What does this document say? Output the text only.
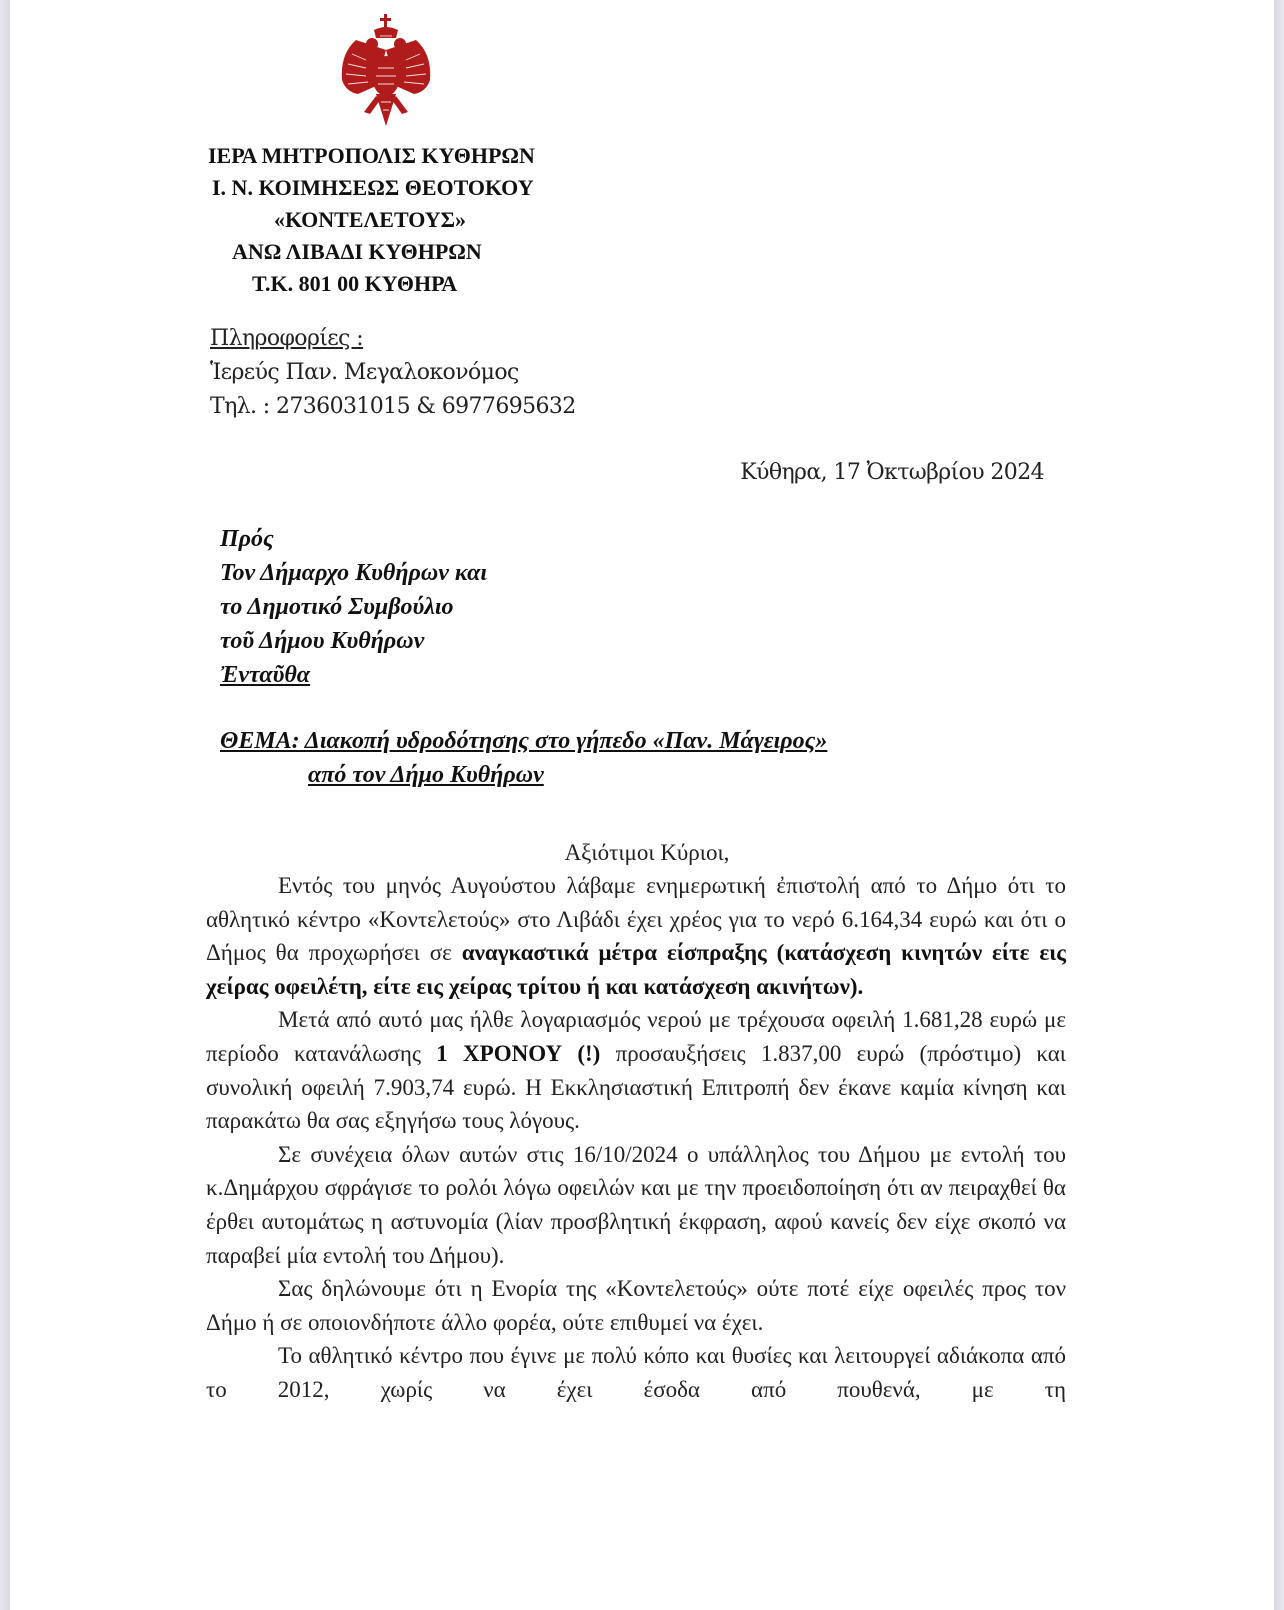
ΙΕΡΑ ΜΗΤΡΟΠΟΛΙΣ ΚΥΘΗΡΩΝ
Ι. Ν. ΚΟΙΜΗΣΕΩΣ ΘΕΟΤΟΚΟΥ
«ΚΟΝΤΕΛΕΤΟΥΣ»
ΑΝΩ ΛΙΒΑΔΙ ΚΥΘΗΡΩΝ
Τ.Κ. 801 00 ΚΥΘΗΡΑ
Πληροφορίες :
Ἱερεύς Παν. Μεγαλοκονόμος
Τηλ. : 2736031015 & 6977695632
Κύθηρα, 17 Ὀκτωβρίου 2024
Πρός
Τον Δήμαρχο Κυθήρων και
το Δημοτικό Συμβούλιο
τοῦ Δήμου Κυθήρων
Ἐνταῦθα
ΘΕΜΑ: Διακοπή υδροδότησης στο γήπεδο «Παν. Μάγειρος»
από τον Δήμο Κυθήρων
Αξιότιμοι Κύριοι,

Εντός του μηνός Αυγούστου λάβαμε ενημερωτική ἐπιστολή από το Δήμο ότι το αθλητικό κέντρο «Κοντελετούς» στο Λιβάδι έχει χρέος για το νερό 6.164,34 ευρώ και ότι ο Δήμος θα προχωρήσει σε αναγκαστικά μέτρα είσπραξης (κατάσχεση κινητών είτε εις χείρας οφειλέτη, είτε εις χείρας τρίτου ή και κατάσχεση ακινήτων).

Μετά από αυτό μας ήλθε λογαριασμός νερού με τρέχουσα οφειλή 1.681,28 ευρώ με περίοδο κατανάλωσης 1 ΧΡΟΝΟΥ (!) προσαυξήσεις 1.837,00 ευρώ (πρόστιμο) και συνολική οφειλή 7.903,74 ευρώ. Η Εκκλησιαστική Επιτροπή δεν έκανε καμία κίνηση και παρακάτω θα σας εξηγήσω τους λόγους.

Σε συνέχεια όλων αυτών στις 16/10/2024 ο υπάλληλος του Δήμου με εντολή του κ.Δημάρχου σφράγισε το ρολόι λόγω οφειλών και με την προειδοποίηση ότι αν πειραχθεί θα έρθει αυτομάτως η αστυνομία (λίαν προσβλητική έκφραση, αφού κανείς δεν είχε σκοπό να παραβεί μία εντολή του Δήμου).

Σας δηλώνουμε ότι η Ενορία της «Κοντελετούς» ούτε ποτέ είχε οφειλές προς τον Δήμο ή σε οποιονδήποτε άλλο φορέα, ούτε επιθυμεί να έχει.

Το αθλητικό κέντρο που έγινε με πολύ κόπο και θυσίες και λειτουργεί αδιάκοπα από το 2012, χωρίς να έχει έσοδα από πουθενά, με τη
